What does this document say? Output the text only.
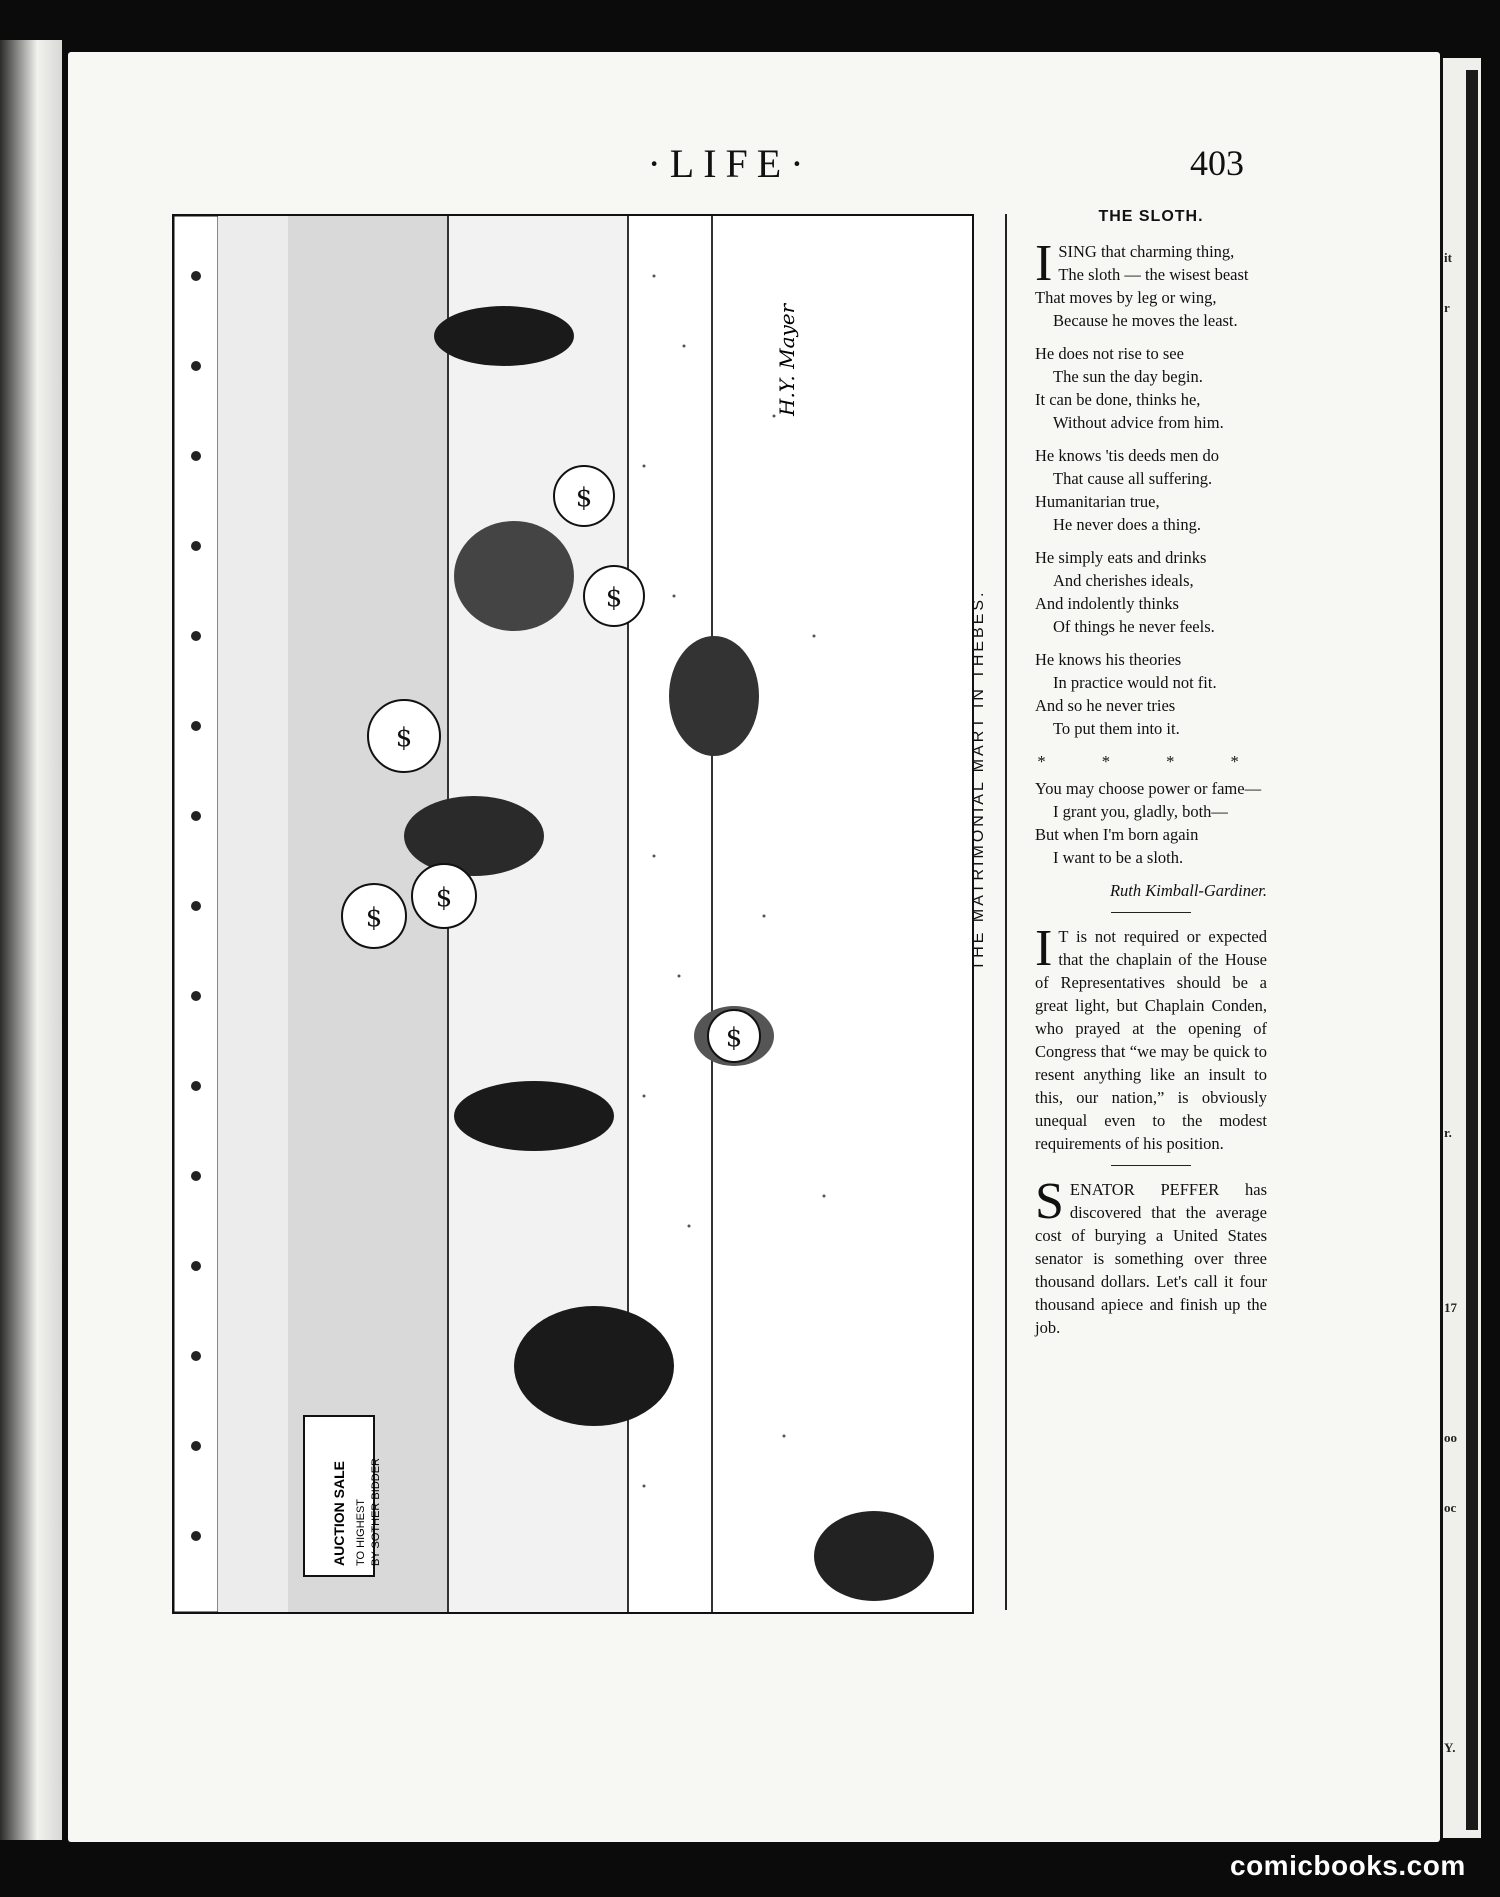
it
r
r.
17
oo
oc
Y.
·LIFE·	403
$
$
$
$
$
$
AUCTION SALE TO HIGHEST BY SOTHER BIDDER
H.Y. Mayer
THE MATRIMONIAL MART IN THEBES.
THE SLOTH.
I SING that charming thing,
The sloth — the wisest beast
That moves by leg or wing,
Because he moves the least.
He does not rise to see
The sun the day begin.
It can be done, thinks he,
Without advice from him.
He knows 'tis deeds men do
That cause all suffering.
Humanitarian true,
He never does a thing.
He simply eats and drinks
And cherishes ideals,
And indolently thinks
Of things he never feels.
He knows his theories
In practice would not fit.
And so he never tries
To put them into it.
* * * *
You may choose power or fame—
I grant you, gladly, both—
But when I'm born again
I want to be a sloth.
Ruth Kimball-Gardiner.
I T is not required or expected that the chaplain of the House of Representatives should be a great light, but Chaplain Conden, who prayed at the opening of Congress that “we may be quick to resent anything like an insult to this, our nation,” is obviously unequal even to the modest requirements of his position.
S ENATOR PEFFER has discovered that the average cost of burying a United States senator is something over three thousand dollars. Let's call it four thousand apiece and finish up the job.
comicbooks.com
